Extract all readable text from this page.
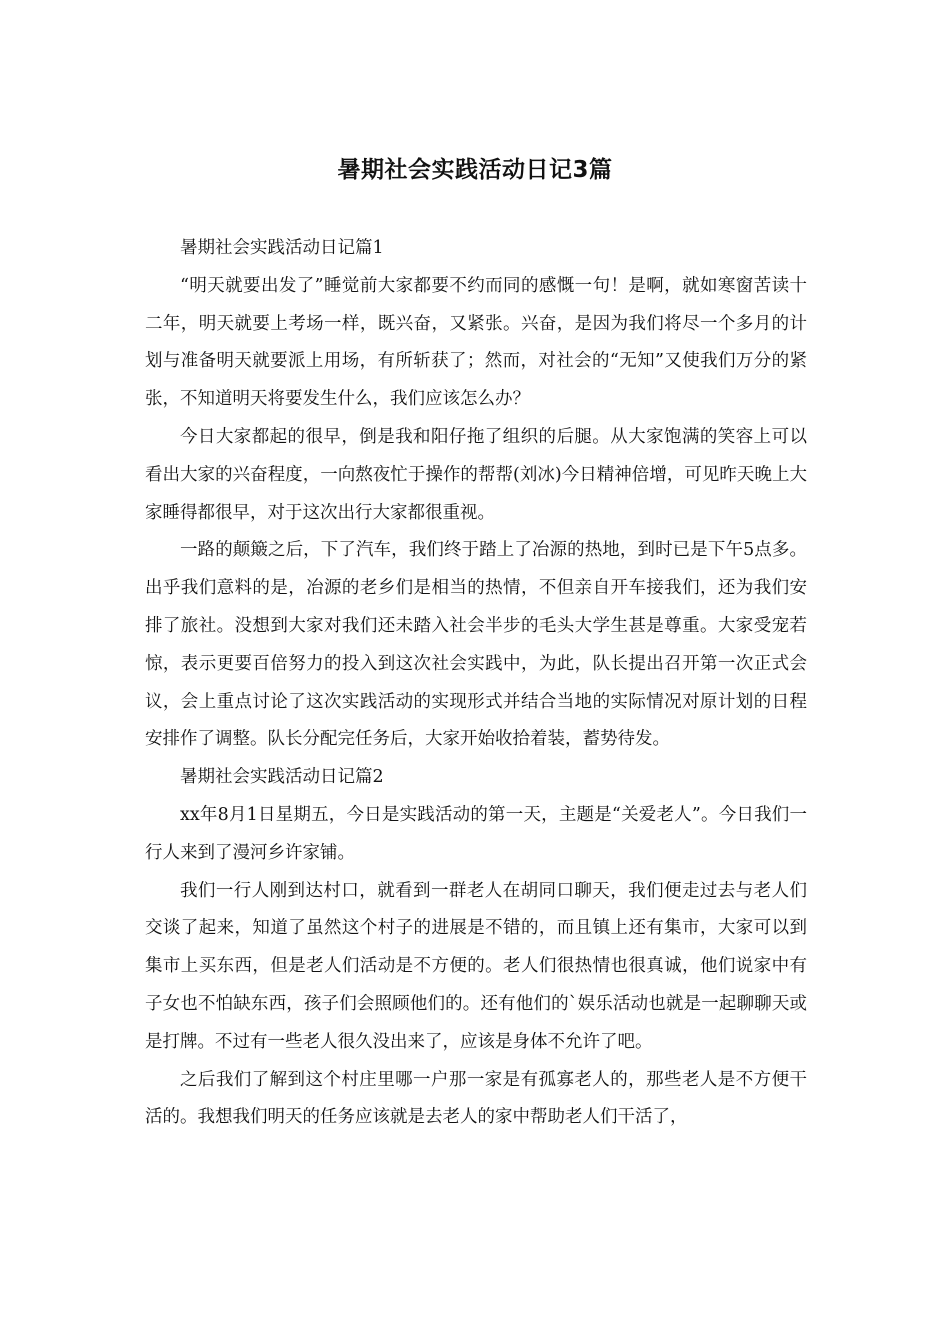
暑期社会实践活动日记3篇

暑期社会实践活动日记篇1

“明天就要出发了”睡觉前大家都要不约而同的感慨一句！是啊，就如寒窗苦读十二年，明天就要上考场一样，既兴奋，又紧张。兴奋，是因为我们将尽一个多月的计划与准备明天就要派上用场，有所斩获了；然而，对社会的“无知”又使我们万分的紧张，不知道明天将要发生什么，我们应该怎么办？

今日大家都起的很早，倒是我和阳仔拖了组织的后腿。从大家饱满的笑容上可以看出大家的兴奋程度，一向熬夜忙于操作的帮帮(刘冰)今日精神倍增，可见昨天晚上大家睡得都很早，对于这次出行大家都很重视。

一路的颠簸之后，下了汽车，我们终于踏上了冶源的热地，到时已是下午5点多。出乎我们意料的是，冶源的老乡们是相当的热情，不但亲自开车接我们，还为我们安排了旅社。没想到大家对我们还未踏入社会半步的毛头大学生甚是尊重。大家受宠若惊，表示更要百倍努力的投入到这次社会实践中，为此，队长提出召开第一次正式会议，会上重点讨论了这次实践活动的实现形式并结合当地的实际情况对原计划的日程安排作了调整。队长分配完任务后，大家开始收拾着装，蓄势待发。

暑期社会实践活动日记篇2

xx年8月1日星期五，今日是实践活动的第一天，主题是“关爱老人”。今日我们一行人来到了漫河乡许家铺。

我们一行人刚到达村口，就看到一群老人在胡同口聊天，我们便走过去与老人们交谈了起来，知道了虽然这个村子的进展是不错的，而且镇上还有集市，大家可以到集市上买东西，但是老人们活动是不方便的。老人们很热情也很真诚，他们说家中有子女也不怕缺东西，孩子们会照顾他们的。还有他们的`娱乐活动也就是一起聊聊天或是打牌。不过有一些老人很久没出来了，应该是身体不允许了吧。

之后我们了解到这个村庄里哪一户那一家是有孤寡老人的，那些老人是不方便干活的。我想我们明天的任务应该就是去老人的家中帮助老人们干活了，
